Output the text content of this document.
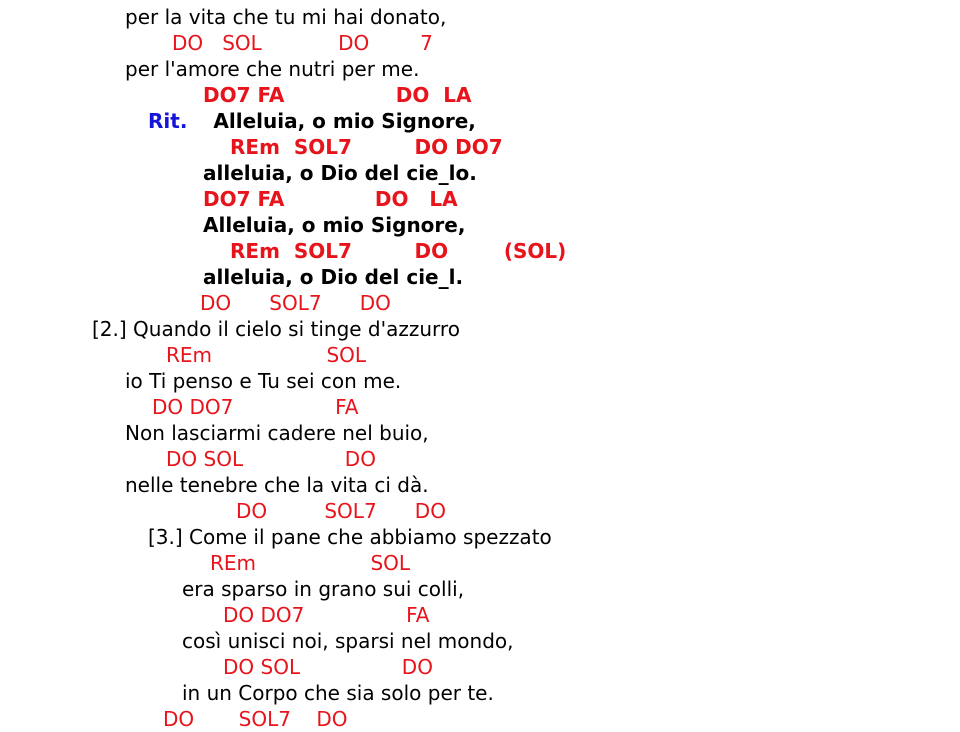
per la vita che tu mi hai donato,
DO   SOL            DO        7
per l'amore che nutri per me.
DO7 FA                DO  LA
Rit. Alleluia, o mio Signore,
REm  SOL7         DO DO7
alleluia, o Dio del cie_lo.
DO7 FA             DO   LA
Alleluia, o mio Signore,
REm  SOL7         DO        (SOL)
alleluia, o Dio del cie_l.
DO      SOL7      DO
[2.] Quando il cielo si tinge d'azzurro
REm                  SOL
io Ti penso e Tu sei con me.
DO DO7                FA
Non lasciarmi cadere nel buio,
DO SOL                DO
nelle tenebre che la vita ci dà.
DO         SOL7      DO
[3.] Come il pane che abbiamo spezzato
REm                  SOL
era sparso in grano sui colli,
DO DO7                FA
così unisci noi, sparsi nel mondo,
DO SOL                DO
in un Corpo che sia solo per te.
DO       SOL7    DO
